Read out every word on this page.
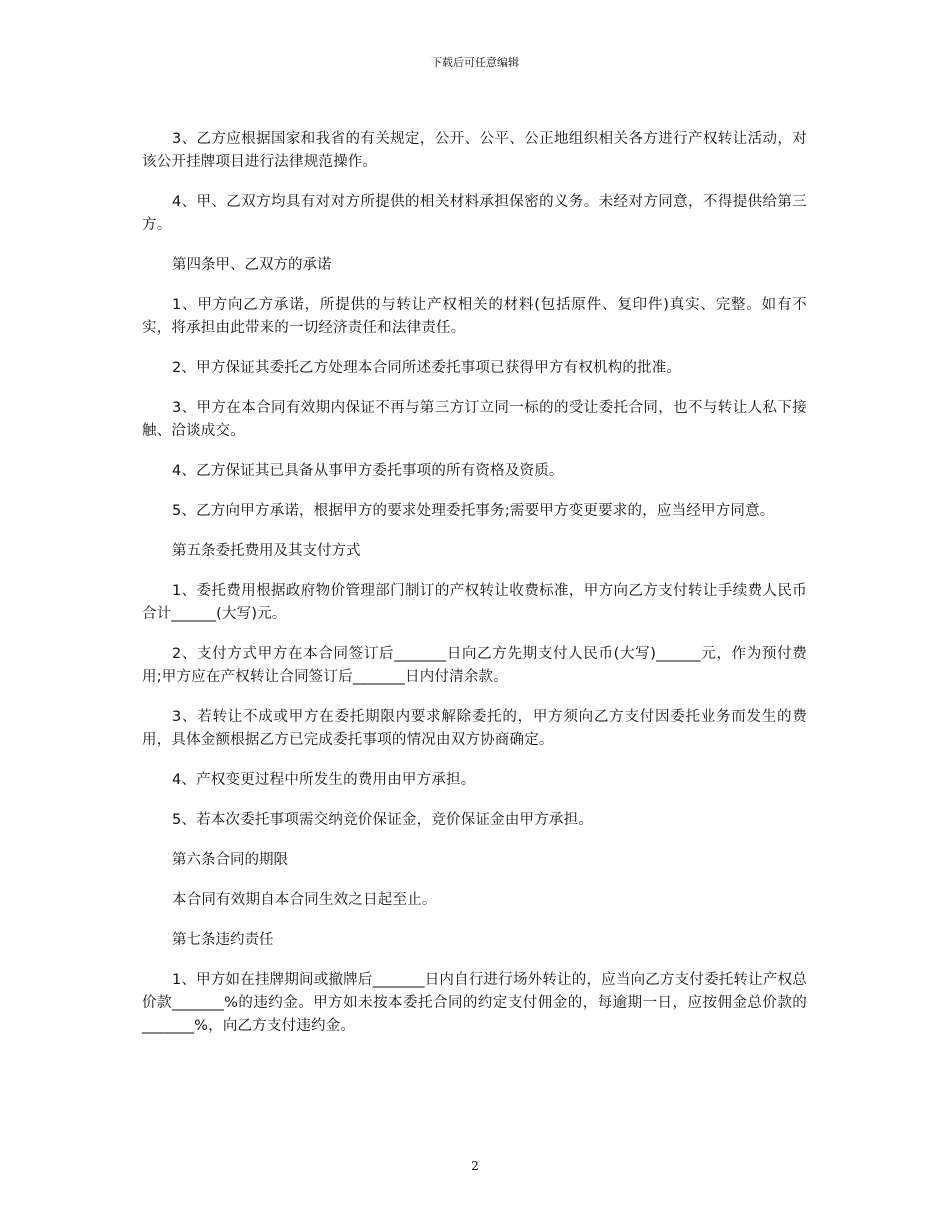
下载后可任意编辑

3、乙方应根据国家和我省的有关规定，公开、公平、公正地组织相关各方进行产权转让活动，对该公开挂牌项目进行法律规范操作。

4、甲、乙双方均具有对对方所提供的相关材料承担保密的义务。未经对方同意，不得提供给第三方。

第四条甲、乙双方的承诺

1、甲方向乙方承诺，所提供的与转让产权相关的材料(包括原件、复印件)真实、完整。如有不实，将承担由此带来的一切经济责任和法律责任。

2、甲方保证其委托乙方处理本合同所述委托事项已获得甲方有权机构的批准。

3、甲方在本合同有效期内保证不再与第三方订立同一标的的受让委托合同，也不与转让人私下接触、洽谈成交。

4、乙方保证其已具备从事甲方委托事项的所有资格及资质。

5、乙方向甲方承诺，根据甲方的要求处理委托事务;需要甲方变更要求的，应当经甲方同意。

第五条委托费用及其支付方式

1、委托费用根据政府物价管理部门制订的产权转让收费标准，甲方向乙方支付转让手续费人民币合计______(大写)元。

2、支付方式甲方在本合同签订后_______日向乙方先期支付人民币(大写)______元，作为预付费用;甲方应在产权转让合同签订后_______日内付清余款。

3、若转让不成或甲方在委托期限内要求解除委托的，甲方须向乙方支付因委托业务而发生的费用，具体金额根据乙方已完成委托事项的情况由双方协商确定。

4、产权变更过程中所发生的费用由甲方承担。

5、若本次委托事项需交纳竞价保证金，竞价保证金由甲方承担。

第六条合同的期限

本合同有效期自本合同生效之日起至止。

第七条违约责任

1、甲方如在挂牌期间或撤牌后_______日内自行进行场外转让的，应当向乙方支付委托转让产权总价款_______%的违约金。甲方如未按本委托合同的约定支付佣金的，每逾期一日，应按佣金总价款的_______%，向乙方支付违约金。

2
